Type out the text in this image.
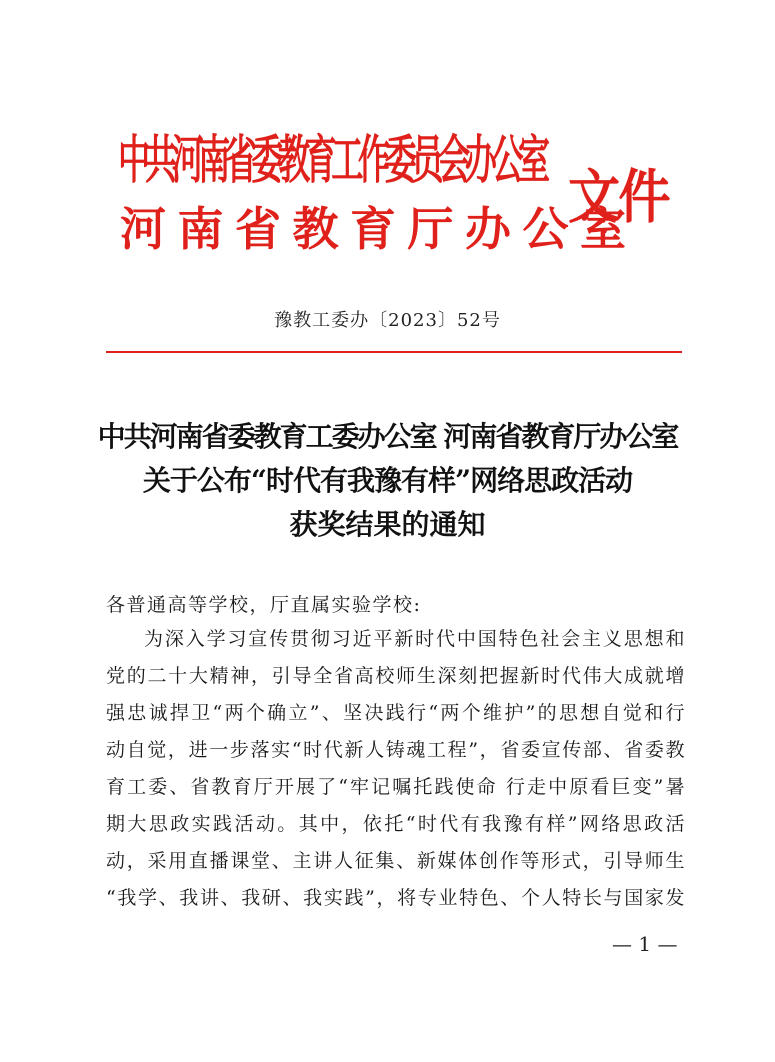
中共河南省委教育工作委员会办公室
河南省教育厅办公室
文件
豫教工委办〔2023〕52号
中共河南省委教育工委办公室 河南省教育厅办公室
关于公布“时代有我豫有样”网络思政活动
获奖结果的通知
各普通高等学校，厅直属实验学校:
为深入学习宣传贯彻习近平新时代中国特色社会主义思想和
党的二十大精神，引导全省高校师生深刻把握新时代伟大成就增
强忠诚捍卫“两个确立”、坚决践行“两个维护”的思想自觉和行
动自觉，进一步落实“时代新人铸魂工程”，省委宣传部、省委教
育工委、省教育厅开展了“牢记嘱托践使命 行走中原看巨变”暑
期大思政实践活动。其中，依托“时代有我豫有样”网络思政活
动，采用直播课堂、主讲人征集、新媒体创作等形式，引导师生
“我学、我讲、我研、我实践”，将专业特色、个人特长与国家发
— 1 —
